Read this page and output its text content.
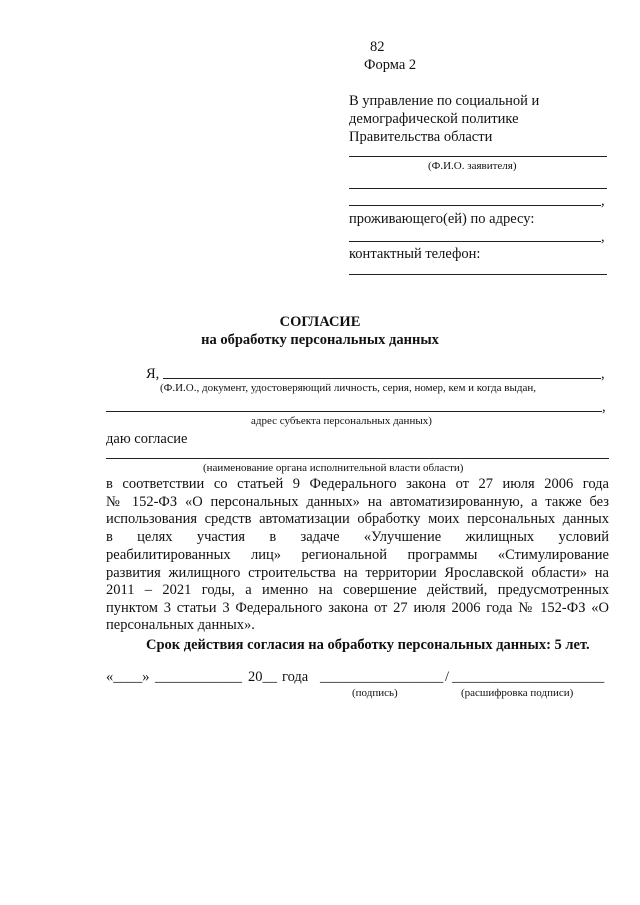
82
Форма 2
В управление по социальной и
демографической политике
Правительства области
(Ф.И.О. заявителя)
,
проживающего(ей) по адресу:
,
контактный телефон:
СОГЛАСИЕ
на обработку персональных данных
Я,	,
(Ф.И.О., документ, удостоверяющий личность, серия, номер, кем и когда выдан,
,
адрес субъекта персональных данных)
даю согласие
(наименование органа исполнительной власти области)
в соответствии со статьей 9 Федерального закона от 27 июля 2006 года
№ 152-ФЗ «О персональных данных» на автоматизированную, а также без
использования средств автоматизации обработку моих персональных данных
в целях участия в задаче «Улучшение жилищных условий
реабилитированных лиц» региональной программы «Стимулирование
развития жилищного строительства на территории Ярославской области» на
2011 – 2021 годы, а именно на совершение действий, предусмотренных
пунктом 3 статьи 3 Федерального закона от 27 июля 2006 года № 152-ФЗ «О
персональных данных».
Срок действия согласия на обработку персональных данных: 5 лет.
«____» ____________ 20__ года _________________ / _____________________
(подпись)	(расшифровка подписи)
